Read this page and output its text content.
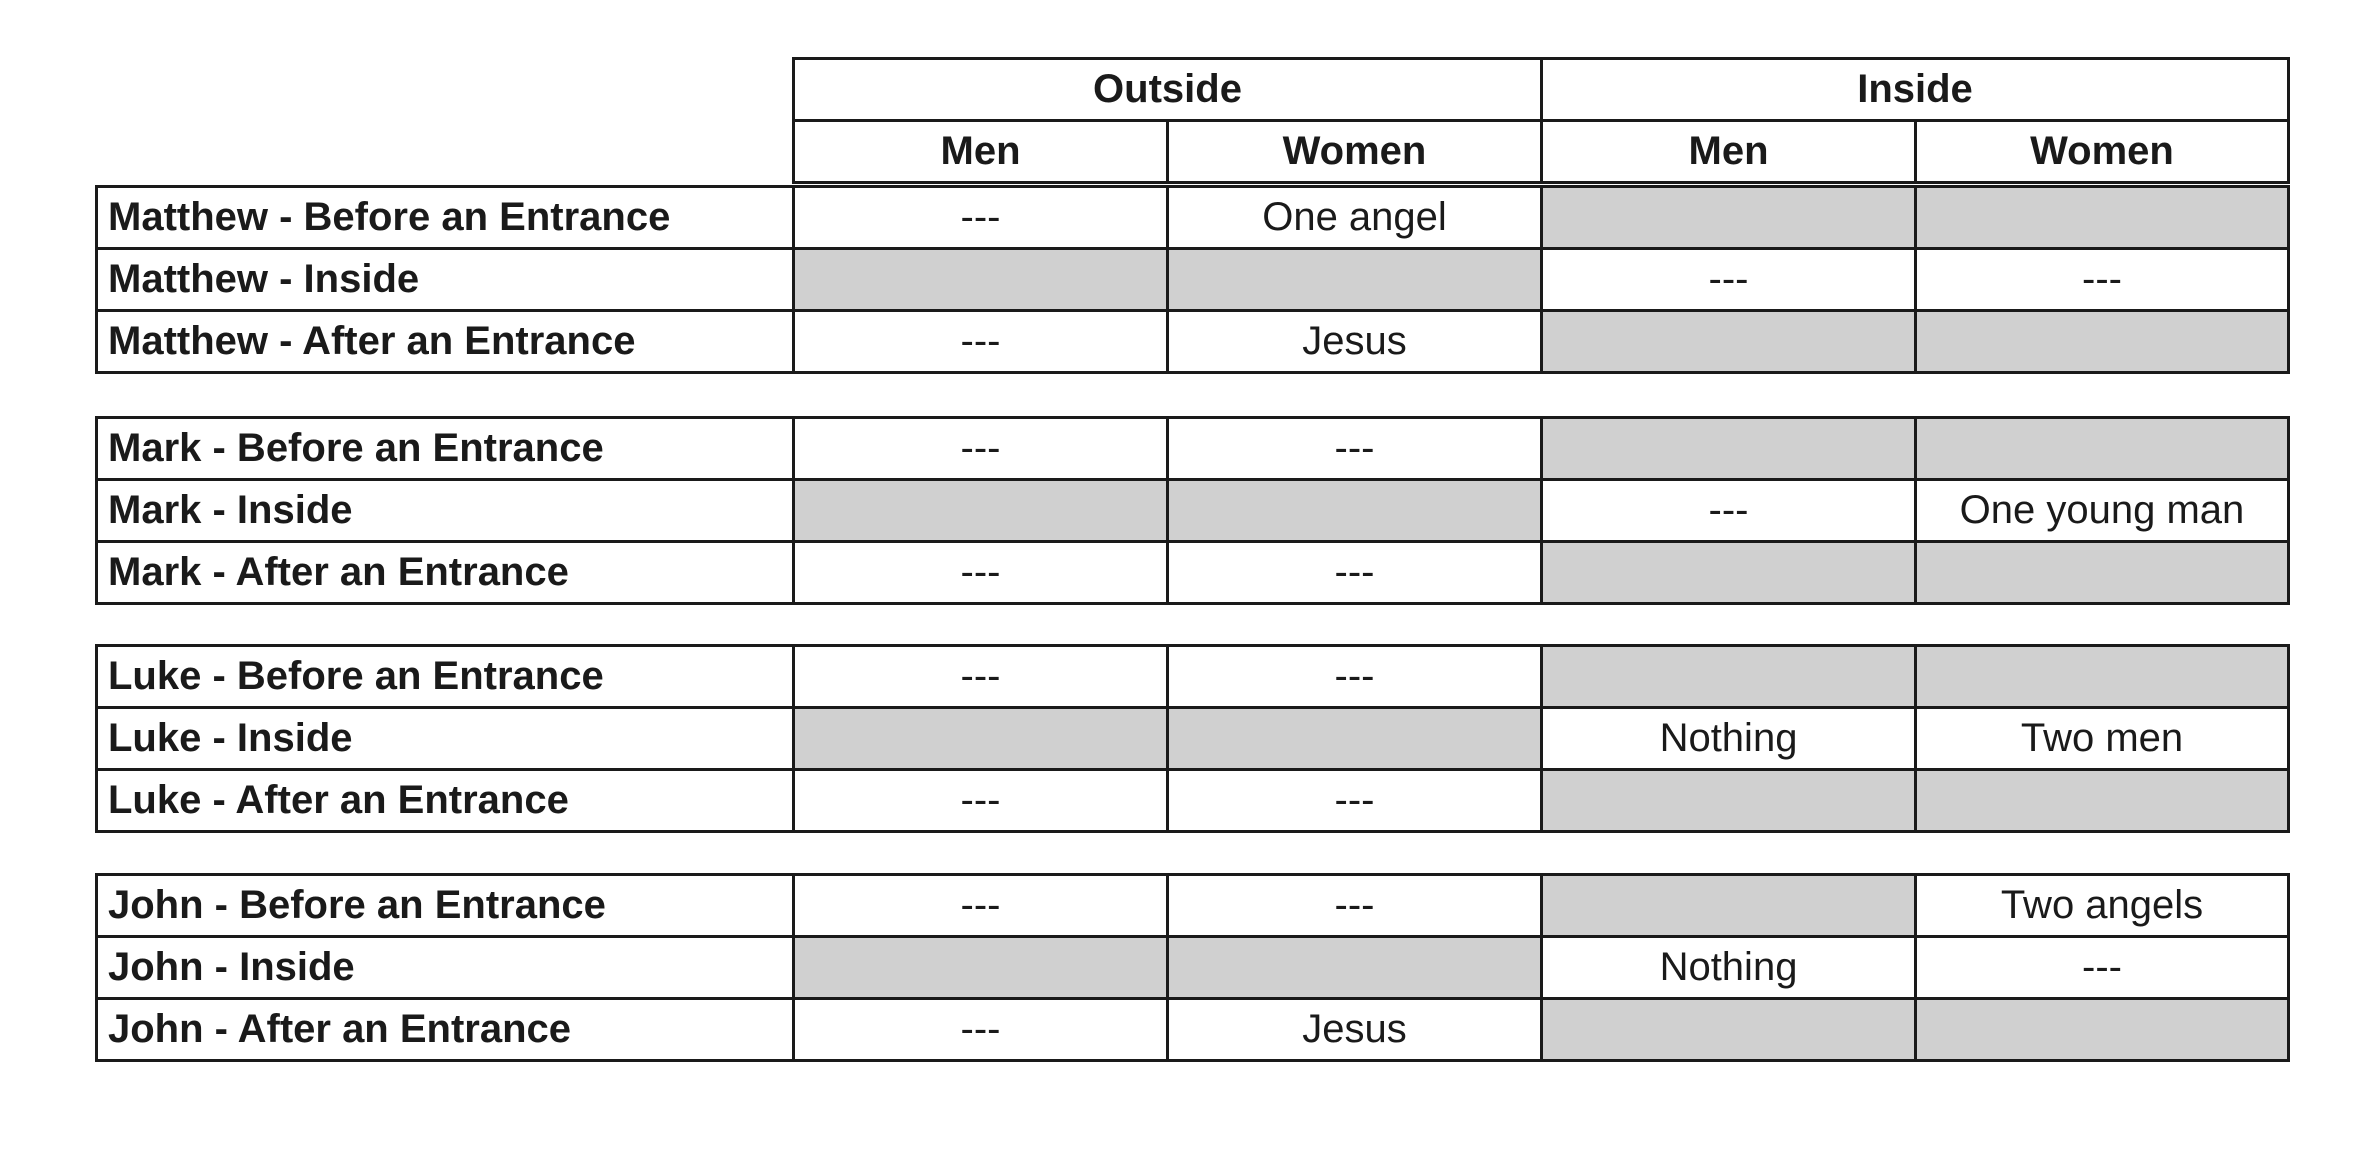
Outside		Inside	
Men	Women	Men	Women
Matthew - Before an Entrance	---	One angel		
Matthew - Inside			---	---
Matthew - After an Entrance	---	Jesus		
Mark - Before an Entrance	---	---		
Mark - Inside			---	One young man
Mark - After an Entrance	---	---		
Luke - Before an Entrance	---	---		
Luke - Inside			Nothing	Two men
Luke - After an Entrance	---	---		
John - Before an Entrance	---	---		Two angels
John - Inside			Nothing	---
John - After an Entrance	---	Jesus		
